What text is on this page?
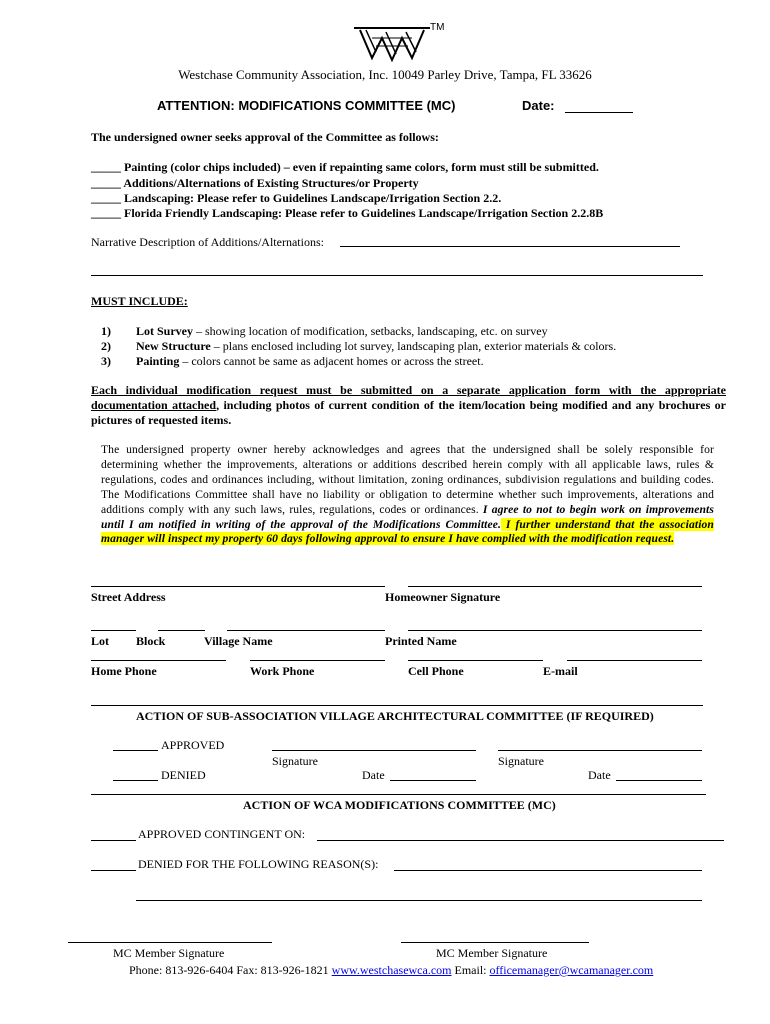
TM
Westchase Community Association, Inc. 10049 Parley Drive, Tampa, FL 33626
ATTENTION: MODIFICATIONS COMMITTEE (MC)	Date:
The undersigned owner seeks approval of the Committee as follows:
_____ Painting (color chips included) – even if repainting same colors, form must still be submitted.
_____ Additions/Alternations of Existing Structures/or Property
_____ Landscaping: Please refer to Guidelines Landscape/Irrigation Section 2.2.
_____ Florida Friendly Landscaping: Please refer to Guidelines Landscape/Irrigation Section 2.2.8B
Narrative Description of Additions/Alternations:
MUST INCLUDE:
1) Lot Survey – showing location of modification, setbacks, landscaping, etc. on survey
2) New Structure – plans enclosed including lot survey, landscaping plan, exterior materials & colors.
3) Painting – colors cannot be same as adjacent homes or across the street.
Each individual modification request must be submitted on a separate application form with the appropriate documentation attached, including photos of current condition of the item/location being modified and any brochures or pictures of requested items.
The undersigned property owner hereby acknowledges and agrees that the undersigned shall be solely responsible for determining whether the improvements, alterations or additions described herein comply with all applicable laws, rules & regulations, codes and ordinances including, without limitation, zoning ordinances, subdivision regulations and building codes. The Modifications Committee shall have no liability or obligation to determine whether such improvements, alterations and additions comply with any such laws, rules, regulations, codes or ordinances. I agree to not to begin work on improvements until I am notified in writing of the approval of the Modifications Committee. I further understand that the association manager will inspect my property 60 days following approval to ensure I have complied with the modification request.
Street Address	Homeowner Signature
Lot Block	Village Name	Printed Name
Home Phone	Work Phone	Cell Phone	E-mail
ACTION OF SUB-ASSOCIATION VILLAGE ARCHITECTURAL COMMITTEE (IF REQUIRED)
APPROVED
Signature	Signature
DENIED	Date	Date
ACTION OF WCA MODIFICATIONS COMMITTEE (MC)
APPROVED CONTINGENT ON:
DENIED FOR THE FOLLOWING REASON(S):
MC Member Signature	MC Member Signature
Phone: 813-926-6404 Fax: 813-926-1821 www.westchasewca.com Email: officemanager@wcamanager.com
